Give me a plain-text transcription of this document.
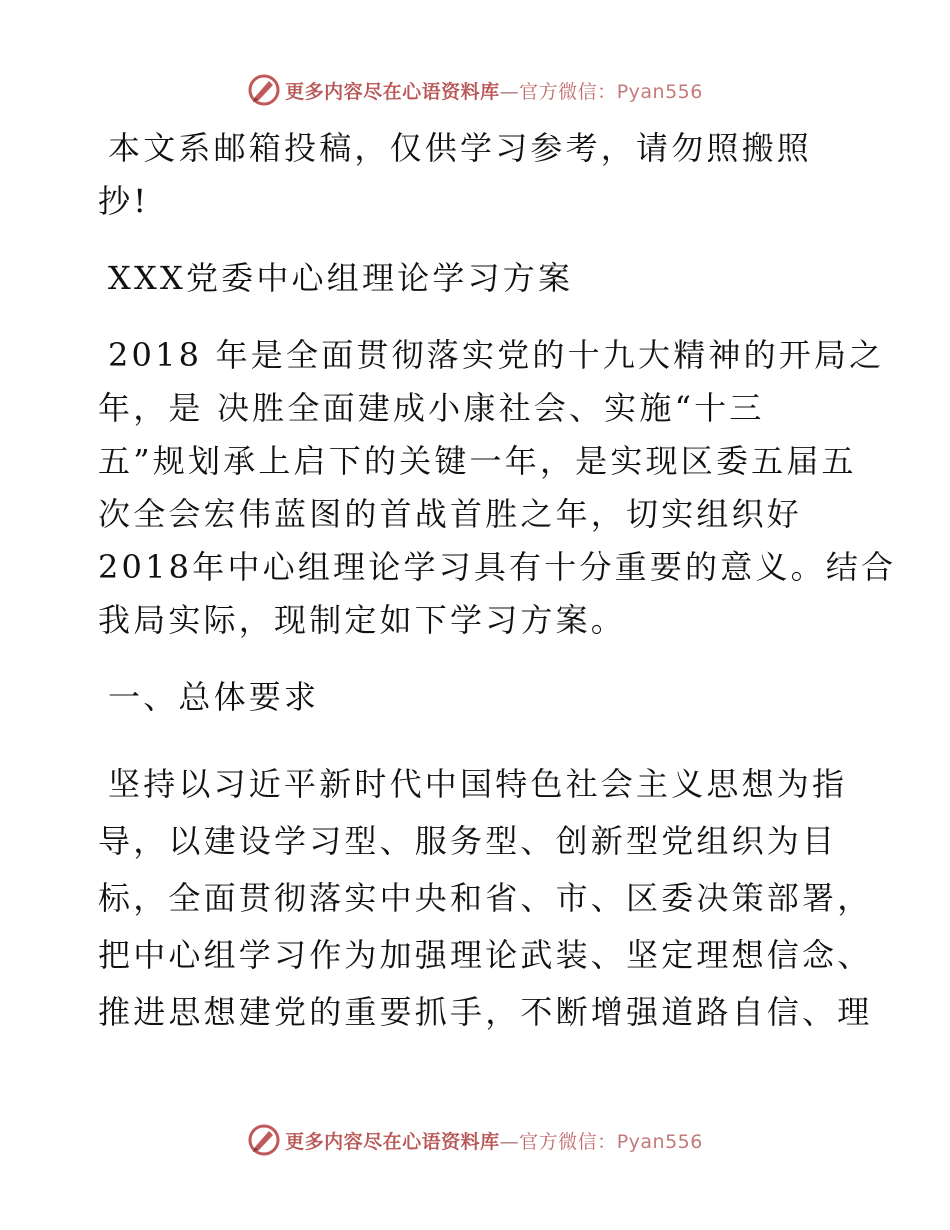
更多内容尽在心语资料库—官方微信：Pyan556
本文系邮箱投稿，仅供学习参考，请勿照搬照
抄!
XXX党委中心组理论学习方案
2018 年是全面贯彻落实党的十九大精神的开局之
年，是 决胜全面建成小康社会、实施“十三
五”规划承上启下的关键一年，是实现区委五届五
次全会宏伟蓝图的首战首胜之年，切实组织好
2018年中心组理论学习具有十分重要的意义。结合
我局实际，现制定如下学习方案。
一、总体要求
坚持以习近平新时代中国特色社会主义思想为指
导，以建设学习型、服务型、创新型党组织为目
标，全面贯彻落实中央和省、市、区委决策部署，
把中心组学习作为加强理论武装、坚定理想信念、
推进思想建党的重要抓手，不断增强道路自信、理
更多内容尽在心语资料库—官方微信：Pyan556
